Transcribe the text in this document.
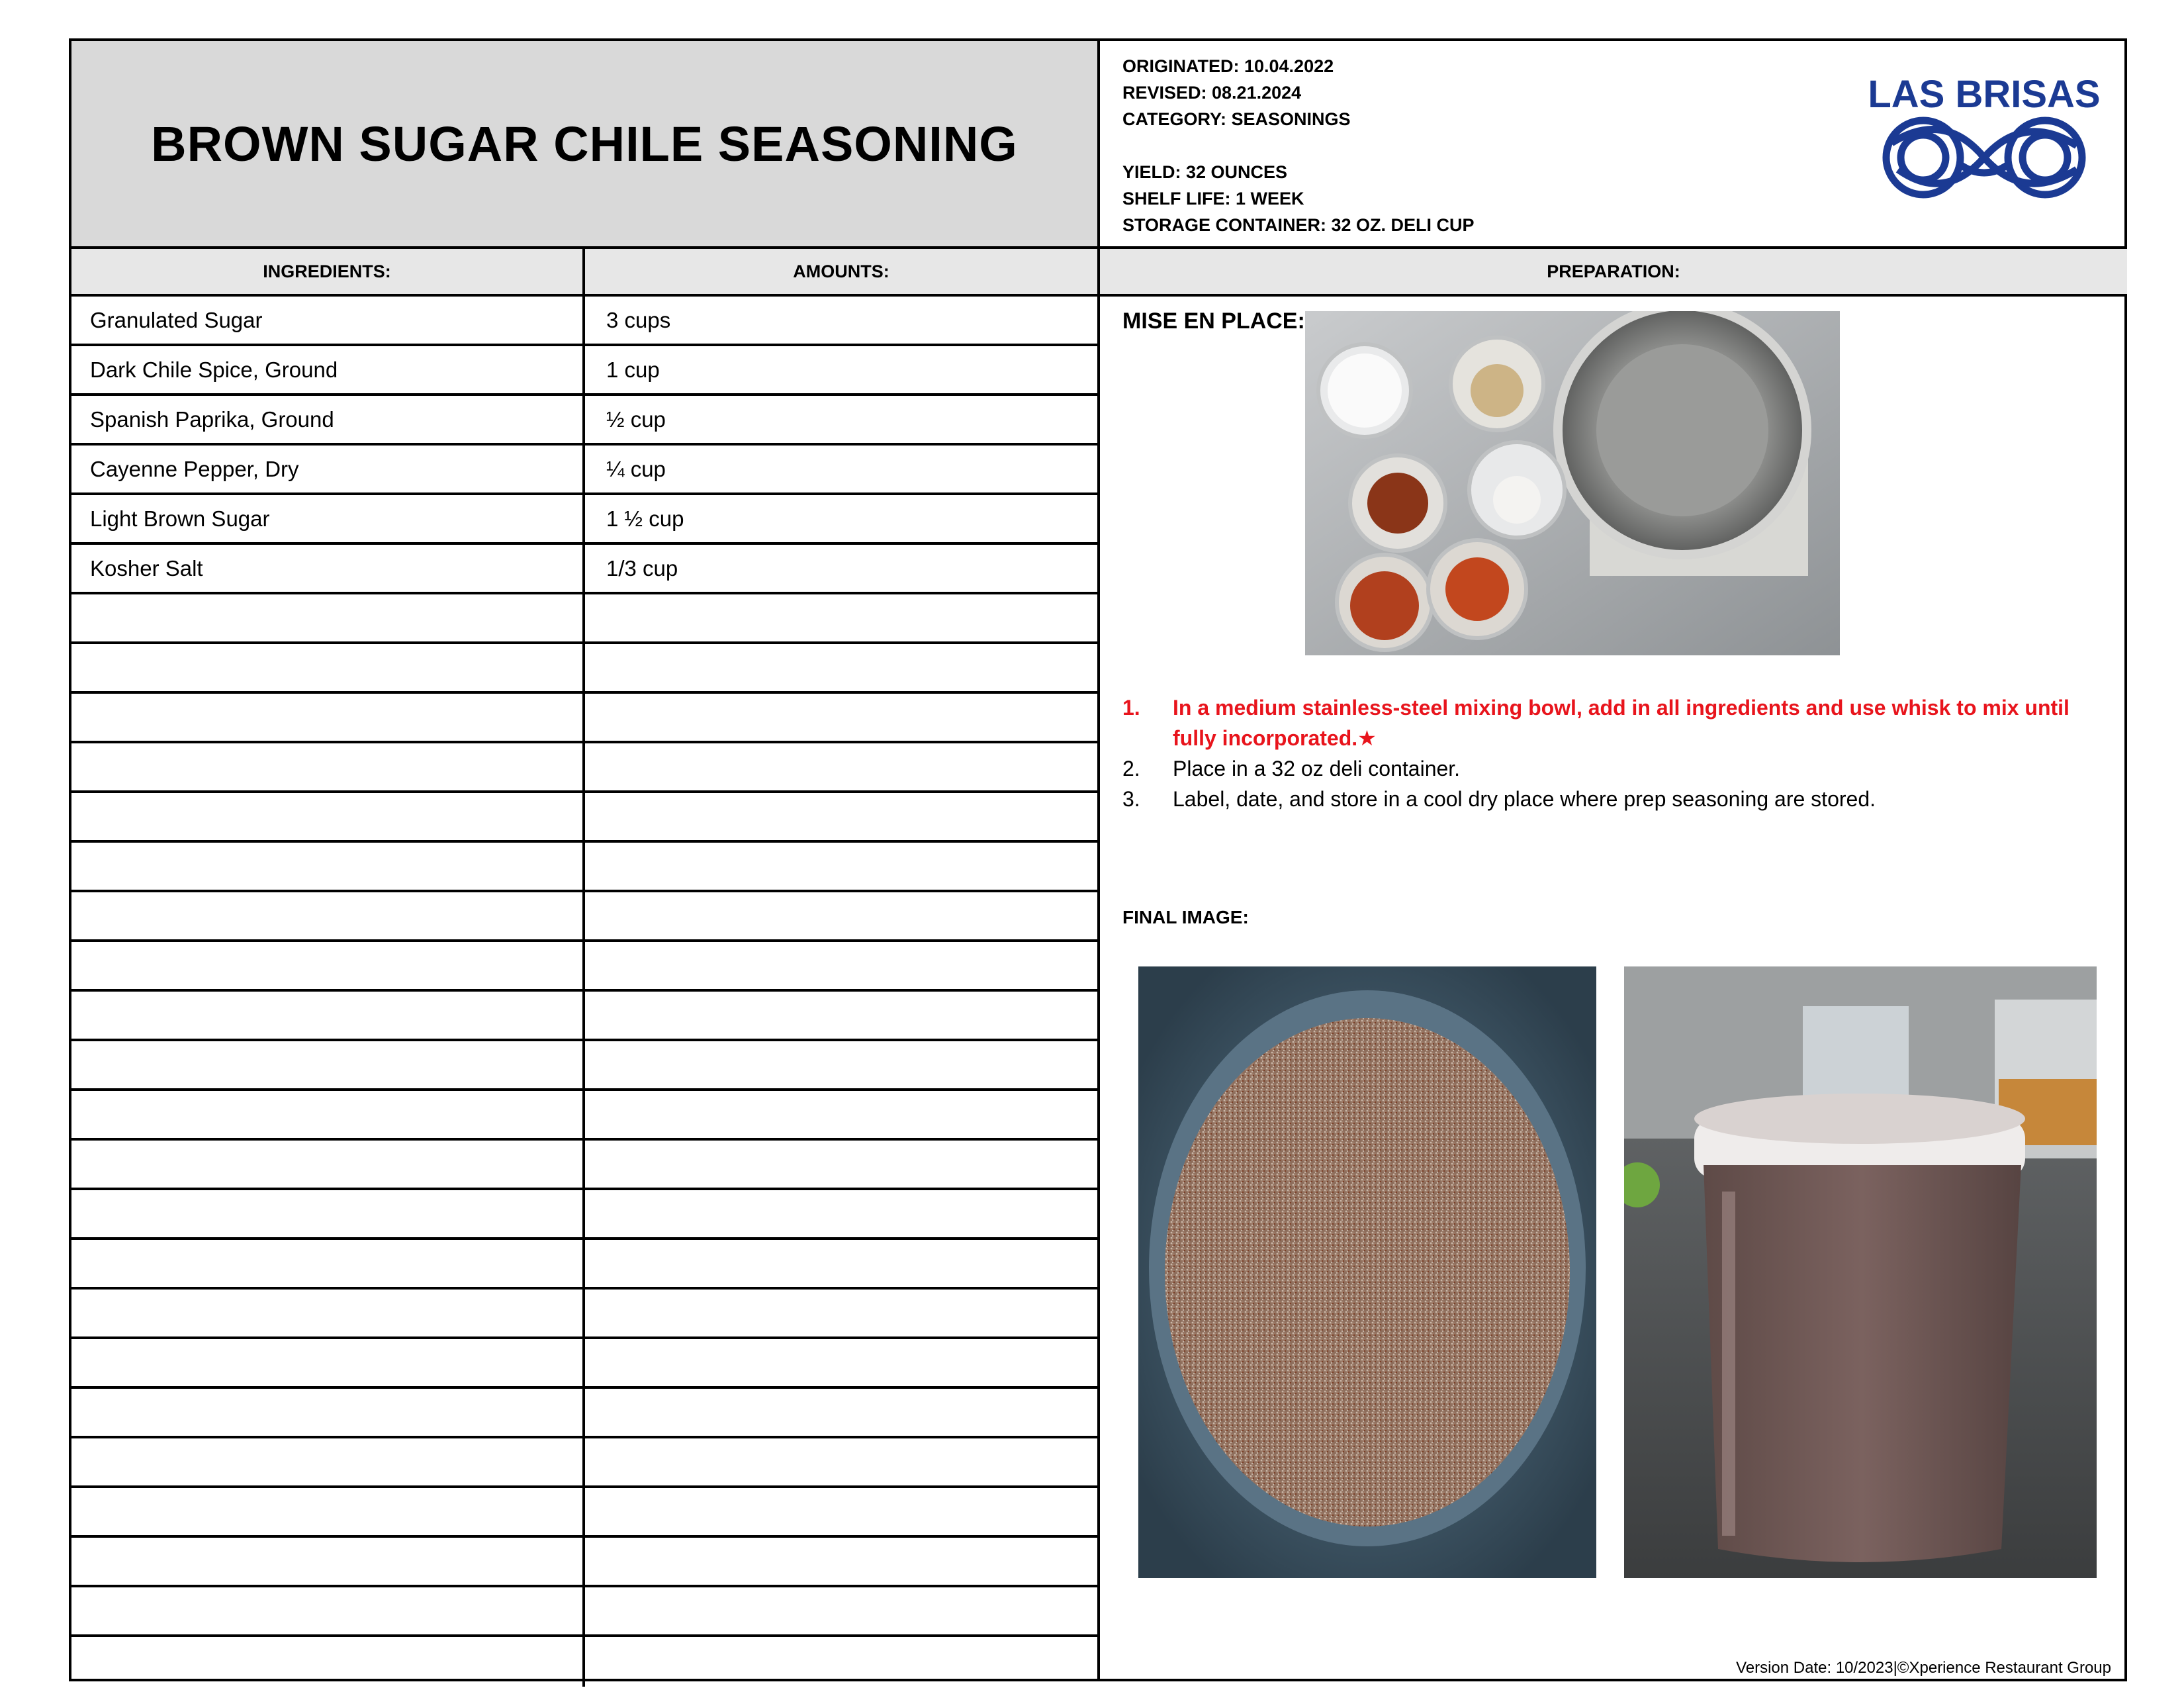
BROWN SUGAR CHILE SEASONING
ORIGINATED: 10.04.2022
REVISED: 08.21.2024
CATEGORY: SEASONINGS
YIELD: 32 OUNCES
SHELF LIFE: 1 WEEK
STORAGE CONTAINER: 32 OZ. DELI CUP
LAS BRISAS
INGREDIENTS:	AMOUNTS:	PREPARATION:
Granulated Sugar	3 cups
Dark Chile Spice, Ground	1 cup
Spanish Paprika, Ground	½ cup
Cayenne Pepper, Dry	¼ cup
Light Brown Sugar	1 ½ cup
Kosher Salt	1/3 cup
MISE EN PLACE:
1.	In a medium stainless-steel mixing bowl, add in all ingredients and use whisk to mix until fully incorporated.★
2.	Place in a 32 oz deli container.
3.	Label, date, and store in a cool dry place where prep seasoning are stored.
FINAL IMAGE:
Version Date: 10/2023|©Xperience Restaurant Group
